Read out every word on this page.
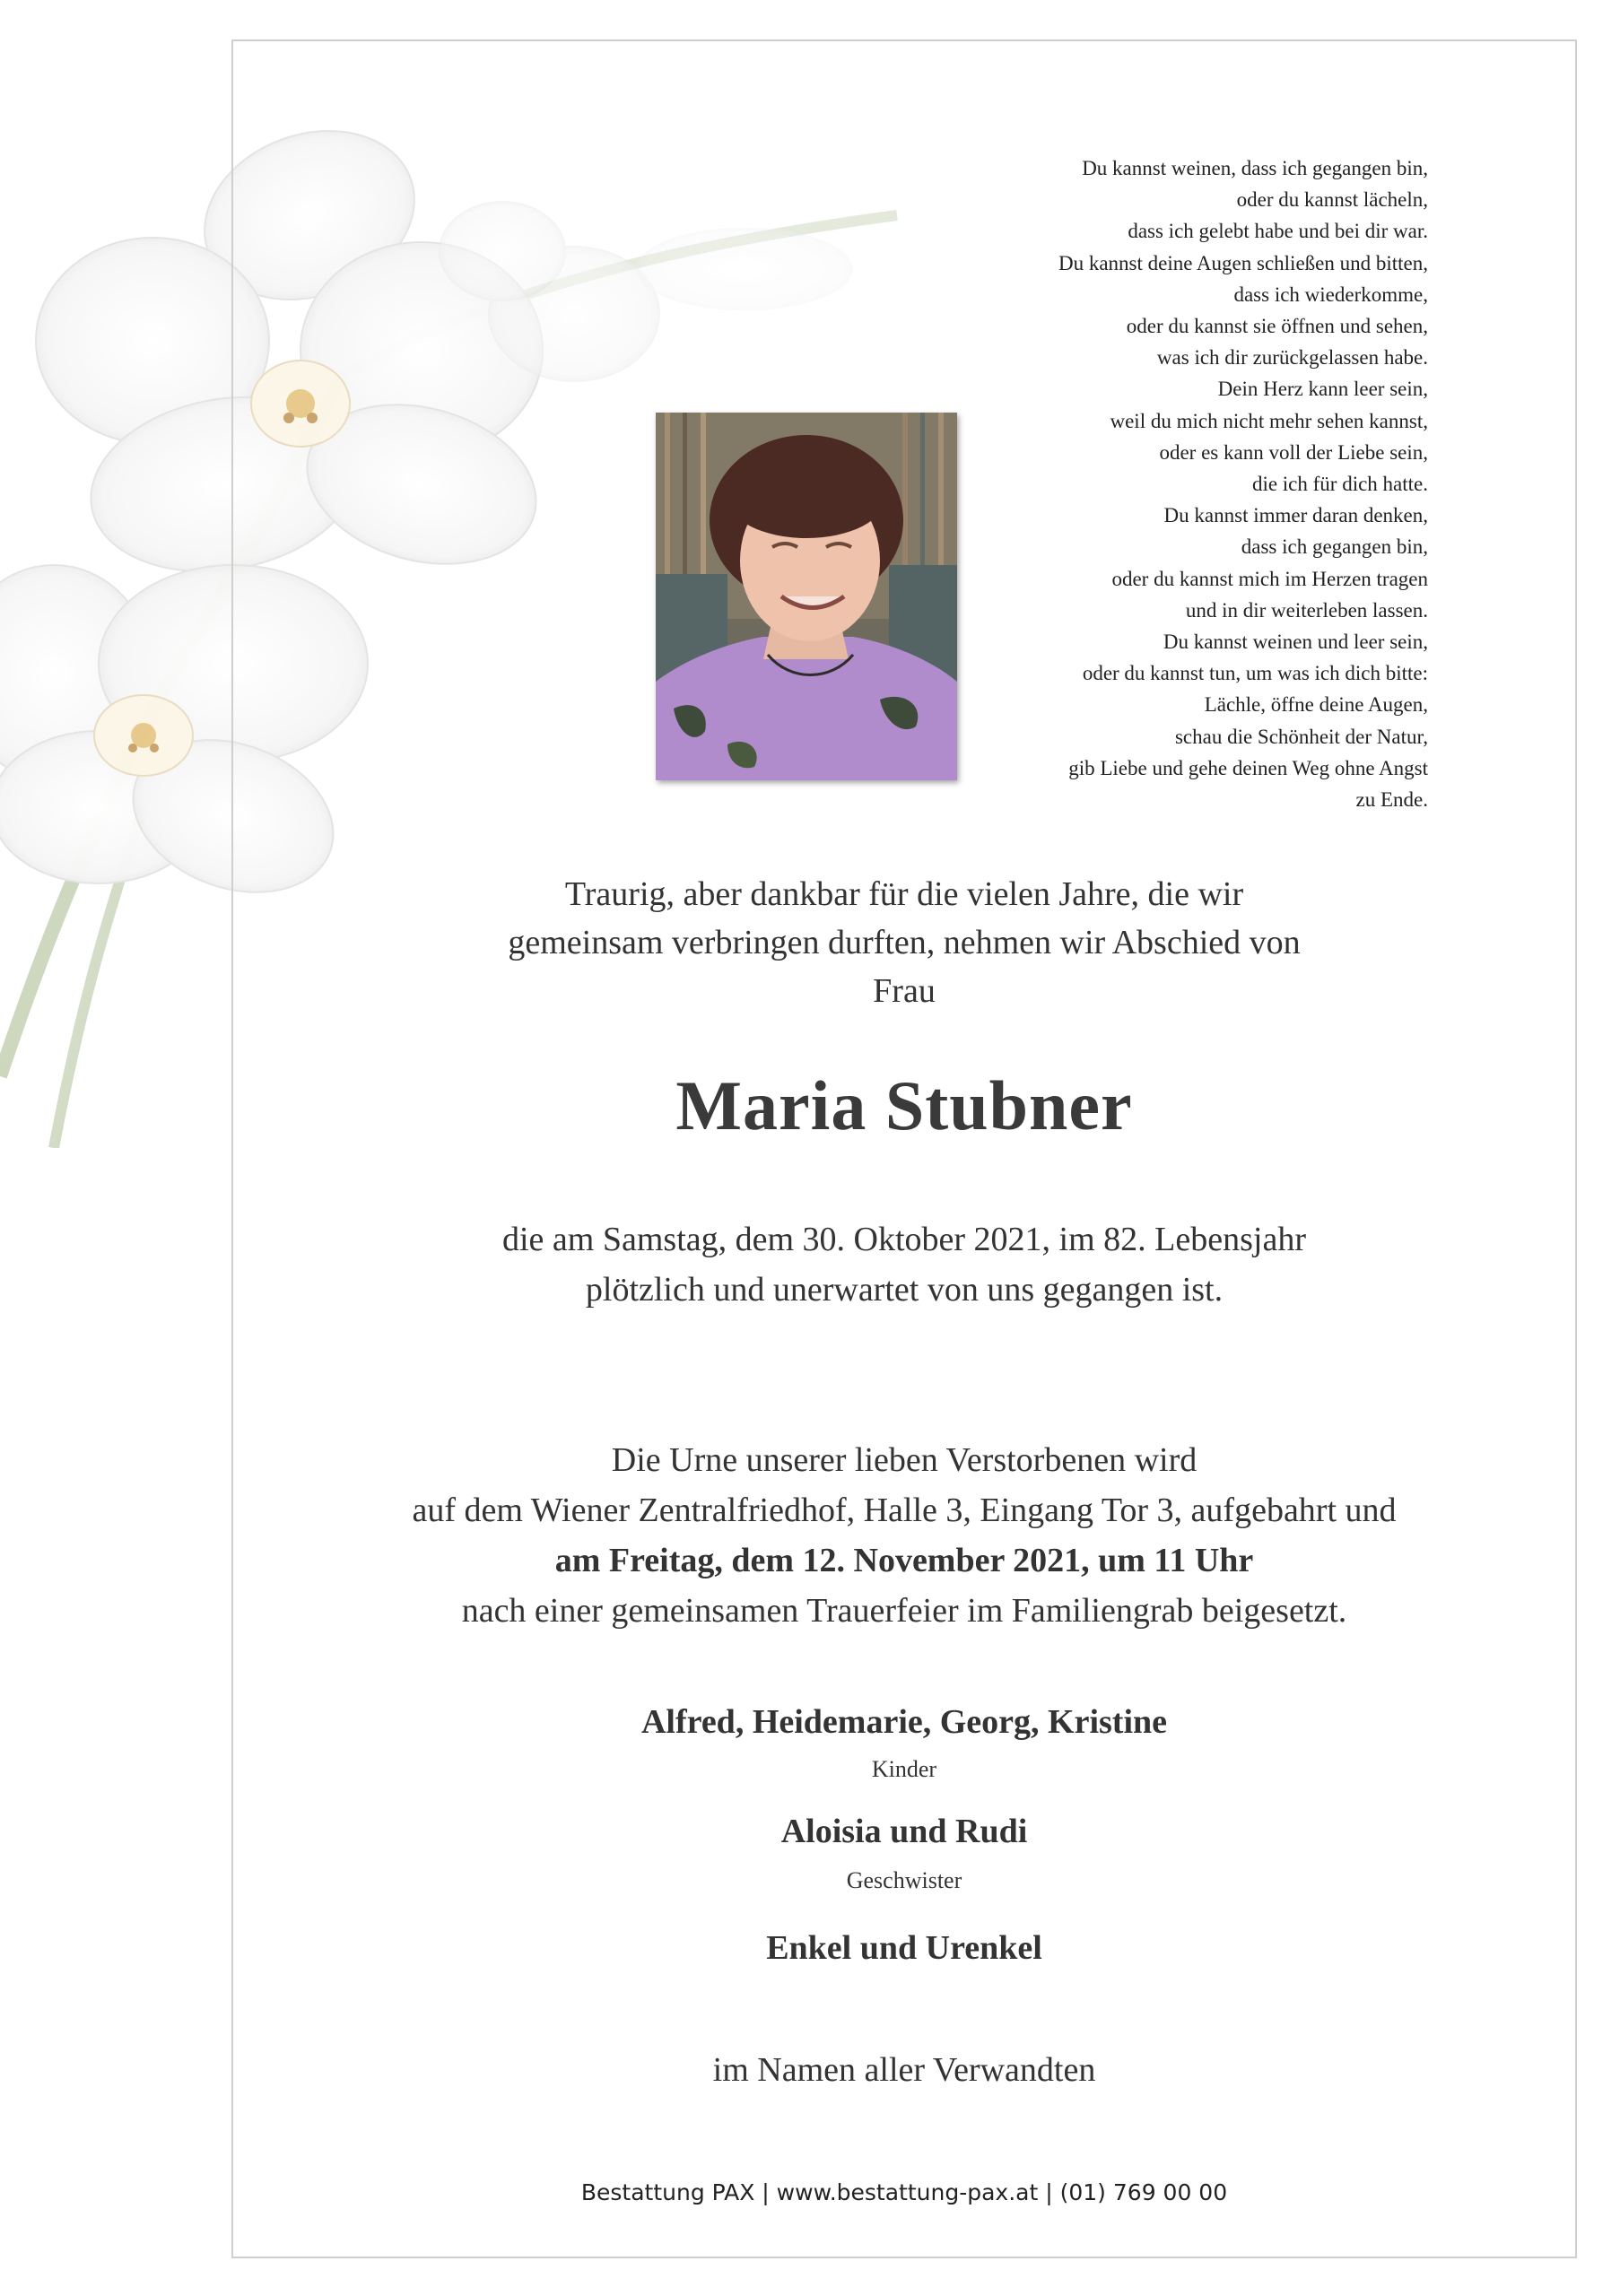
Du kannst weinen, dass ich gegangen bin,
oder du kannst lächeln,
dass ich gelebt habe und bei dir war.
Du kannst deine Augen schließen und bitten,
dass ich wiederkomme,
oder du kannst sie öffnen und sehen,
was ich dir zurückgelassen habe.
Dein Herz kann leer sein,
weil du mich nicht mehr sehen kannst,
oder es kann voll der Liebe sein,
die ich für dich hatte.
Du kannst immer daran denken,
dass ich gegangen bin,
oder du kannst mich im Herzen tragen
und in dir weiterleben lassen.
Du kannst weinen und leer sein,
oder du kannst tun, um was ich dich bitte:
Lächle, öffne deine Augen,
schau die Schönheit der Natur,
gib Liebe und gehe deinen Weg ohne Angst
zu Ende.
Traurig, aber dankbar für die vielen Jahre, die wir
gemeinsam verbringen durften, nehmen wir Abschied von
Frau
Maria Stubner
die am Samstag, dem 30. Oktober 2021, im 82. Lebensjahr
plötzlich und unerwartet von uns gegangen ist.
Die Urne unserer lieben Verstorbenen wird
auf dem Wiener Zentralfriedhof, Halle 3, Eingang Tor 3, aufgebahrt und
am Freitag, dem 12. November 2021, um 11 Uhr
nach einer gemeinsamen Trauerfeier im Familiengrab beigesetzt.
Alfred, Heidemarie, Georg, Kristine
Kinder
Aloisia und Rudi
Geschwister
Enkel und Urenkel
im Namen aller Verwandten
Bestattung PAX | www.bestattung-pax.at | (01) 769 00 00
